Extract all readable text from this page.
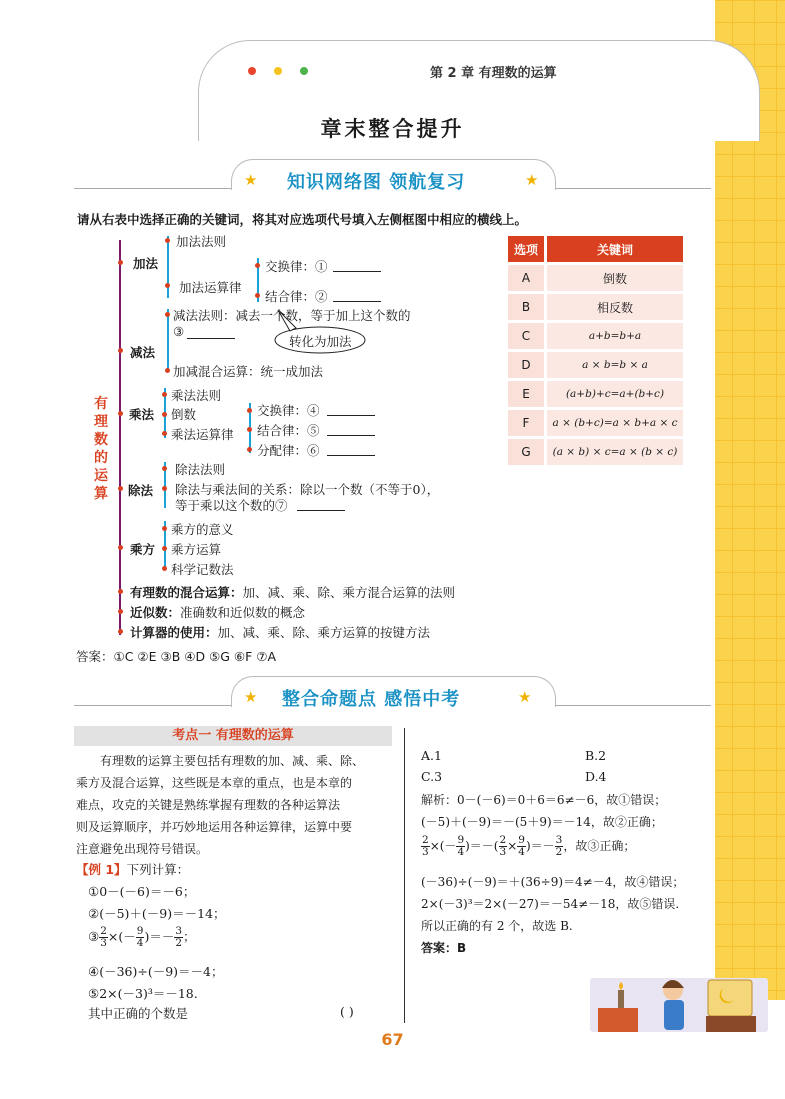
第 2 章 有理数的运算
章末整合提升
★	★
知识网络图 领航复习
请从右表中选择正确的关键词，将其对应选项代号填入左侧框图中相应的横线上。
有
理
数
的
运
算
加法
加法法则
加法运算律
交换律：①
结合律：②
减法
减法法则：减去一个数，等于加上这个数的
③
转化为加法
加减混合运算：统一成加法
乘法
乘法法则
倒数
乘法运算律
交换律：④
结合律：⑤
分配律：⑥
除法
除法法则
除法与乘法间的关系：除以一个数（不等于0），
等于乘以这个数的⑦
乘方
乘方的意义
乘方运算
科学记数法
有理数的混合运算：加、减、乘、除、乘方混合运算的法则
近似数：准确数和近似数的概念
计算器的使用：加、减、乘、除、乘方运算的按键方法
选项	关键词
A	倒数
B	相反数
C	a+b=b+a
D	a × b=b × a
E	(a+b)+c=a+(b+c)
F	a × (b+c)=a × b+a × c
G	(a × b) × c=a × (b × c)
答案：①C ②E ③B ④D ⑤G ⑥F ⑦A
★	★
整合命题点 感悟中考
考点一 有理数的运算
有理数的运算主要包括有理数的加、减、乘、除、
乘方及混合运算，这些既是本章的重点，也是本章的
难点，攻克的关键是熟练掌握有理数的各种运算法
则及运算顺序，并巧妙地运用各种运算律，运算中要
注意避免出现符号错误。
【例 1】下列计算：
①0－(－6)＝－6；
②(－5)＋(－9)＝－14；
③ $\frac{2}{3}$ ×(－ $\frac{9}{4}$ )＝－ $\frac{3}{2}$ ；
④(－36)÷(－9)＝－4；
⑤2×(－3)³＝－18.
其中正确的个数是	( )
A.1	B.2
C.3	D.4
解析：0－(－6)＝0＋6＝6≠－6，故①错误；
(－5)＋(－9)＝－(5＋9)＝－14，故②正确；
$\frac{2}{3}$ ×(－ $\frac{9}{4}$ )＝－( $\frac{2}{3} \times \frac{9}{4}$ )＝－ $\frac{3}{2}$ ，故③正确；
(－36)÷(－9)＝＋(36÷9)＝4≠－4，故④错误；
2×(－3)³＝2×(－27)＝－54≠－18，故⑤错误.
所以正确的有 2 个，故选 B.
答案：B
67
